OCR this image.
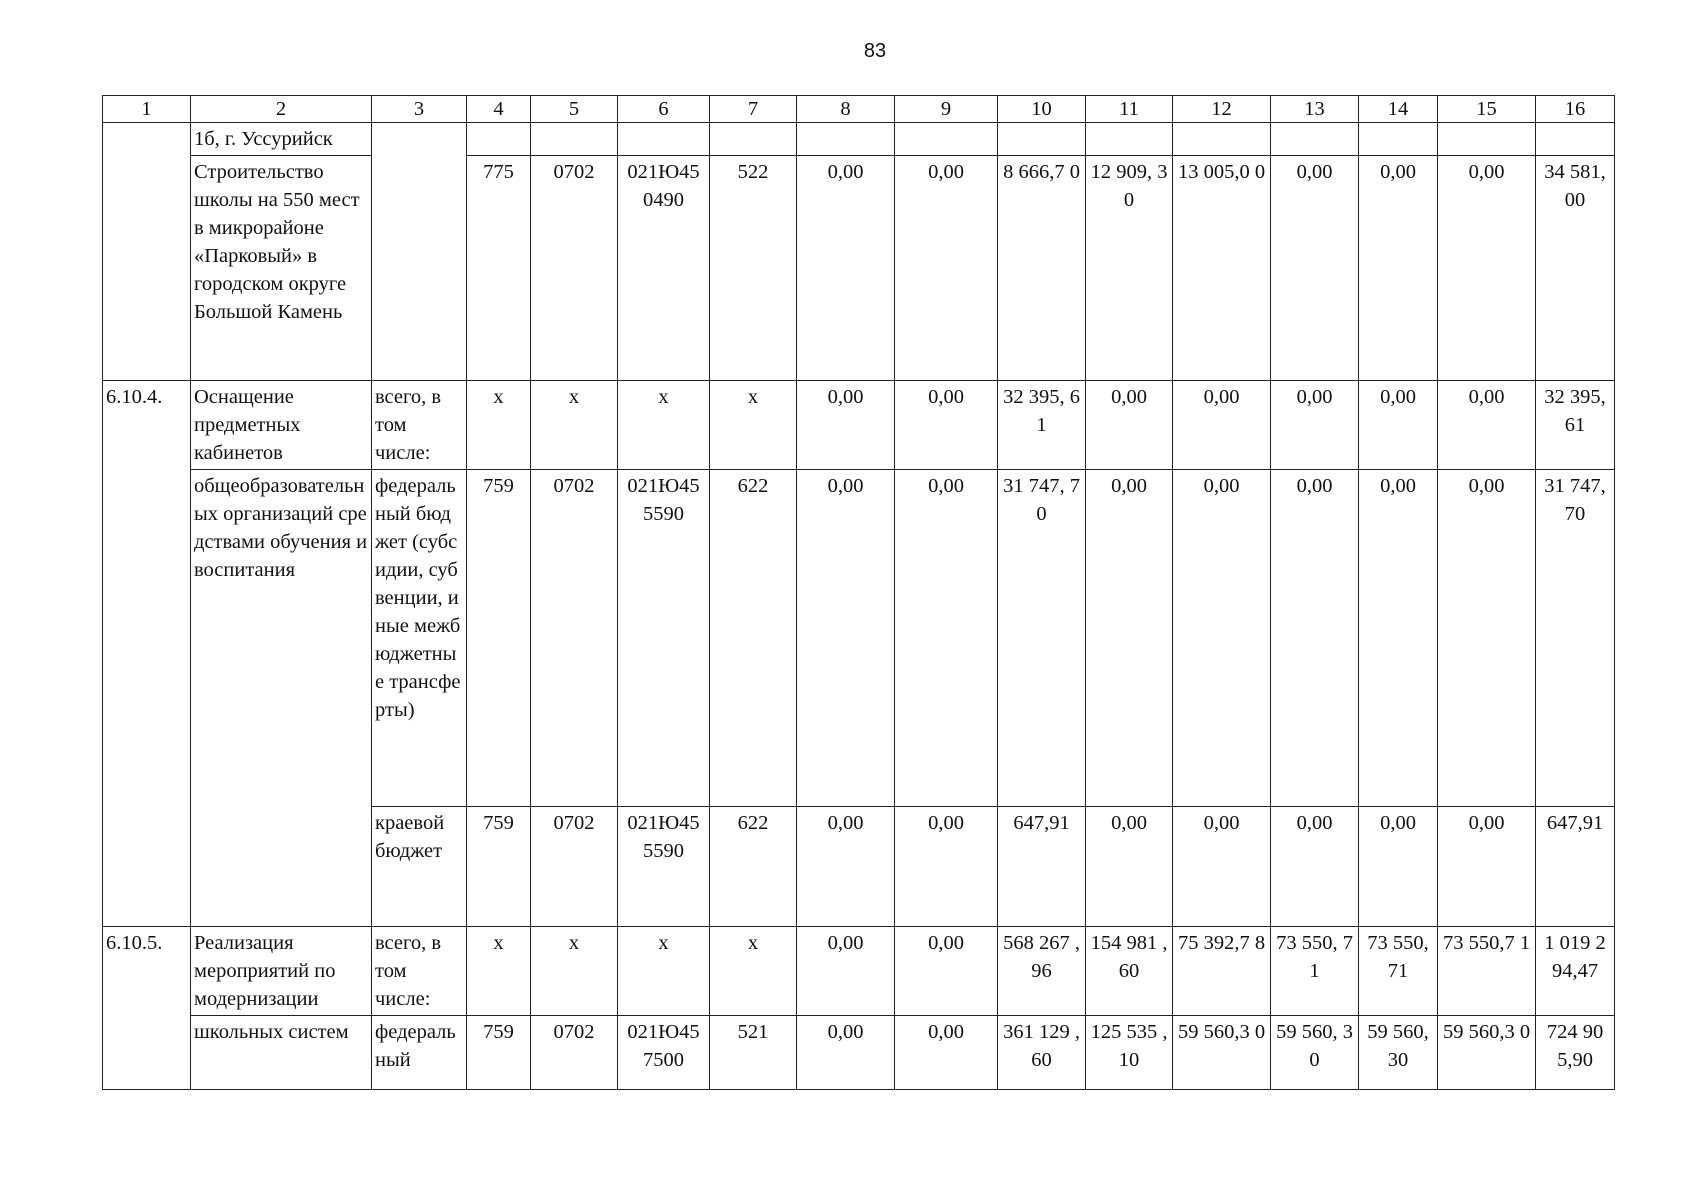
83
1	2	3	4	5	6	7	8	9	10	11	12	13	14	15	16
	1б, г. Уссурийск														
	Строительство школы на 550 мест в микрорайоне «Парковый» в городском округе Большой Камень		775	0702	021Ю45 0490	522	0,00	0,00	8 666,7 0	12 909, 30	13 005,0 0	0,00	0,00	0,00	34 581, 00
6.10.4.	Оснащение предметных кабинетов	всего, в том числе:	x	x	x	x	0,00	0,00	32 395, 61	0,00	0,00	0,00	0,00	0,00	32 395, 61
	общеобразовательных организаций средствами обучения и воспитания	федеральный бюджет (субсидии, субвенции, иные межбюджетные трансферты)	759	0702	021Ю45 5590	622	0,00	0,00	31 747, 70	0,00	0,00	0,00	0,00	0,00	31 747, 70
		краевой бюджет	759	0702	021Ю45 5590	622	0,00	0,00	647,91	0,00	0,00	0,00	0,00	0,00	647,91
6.10.5.	Реализация мероприятий по модернизации	всего, в том числе:	x	x	x	x	0,00	0,00	568 267 ,96	154 981 ,60	75 392,7 8	73 550, 71	73 550, 71	73 550,7 1	1 019 2 94,47
	школьных систем	федеральный	759	0702	021Ю45 7500	521	0,00	0,00	361 129 ,60	125 535 ,10	59 560,3 0	59 560, 30	59 560, 30	59 560,3 0	724 90 5,90
